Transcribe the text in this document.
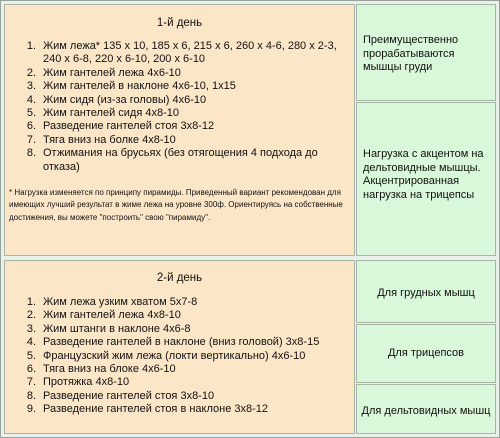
1-й день
Жим лежа* 135 х 10, 185 х 6, 215 х 6, 260 х 4-6, 280 х 2-3, 240 х 6-8, 220 х 6-10, 200 х 6-10
Жим гантелей лежа 4х6-10
Жим гантелей в наклоне 4х6-10, 1х15
Жим сидя (из-за головы) 4х6-10
Жим гантелей сидя 4х8-10
Разведение гантелей стоя 3х8-12
Тяга вниз на болке 4х8-10
Отжимания на брусьях (без отягощения 4 подхода до отказа)
* Нагрузка изменяется по принципу пирамиды. Приведенный вариант рекомендован для имеющих лучший результат в жиме лежа на уровне 300ф. Ориентируясь на собственные достижения, вы можете "построить" свою "пирамиду".
Преимущественно прорабатываются мышцы груди
Нагрузка с акцентом на дельтовидные мышцы. Акцентрированная нагрузка на трицепсы
2-й день
Жим лежа узким хватом 5х7-8
Жим гантелей лежа 4х8-10
Жим штанги в наклоне 4х6-8
Разведение гантелей в наклоне (вниз головой) 3х8-15
Французский жим лежа (локти вертикально) 4х6-10
Тяга вниз на блоке 4х6-10
Протяжка 4х8-10
Разведение гантелей стоя 3х8-10
Разведение гантелей стоя в наклоне 3х8-12
Для грудных мышц
Для трицепсов
Для дельтовидных мышц
